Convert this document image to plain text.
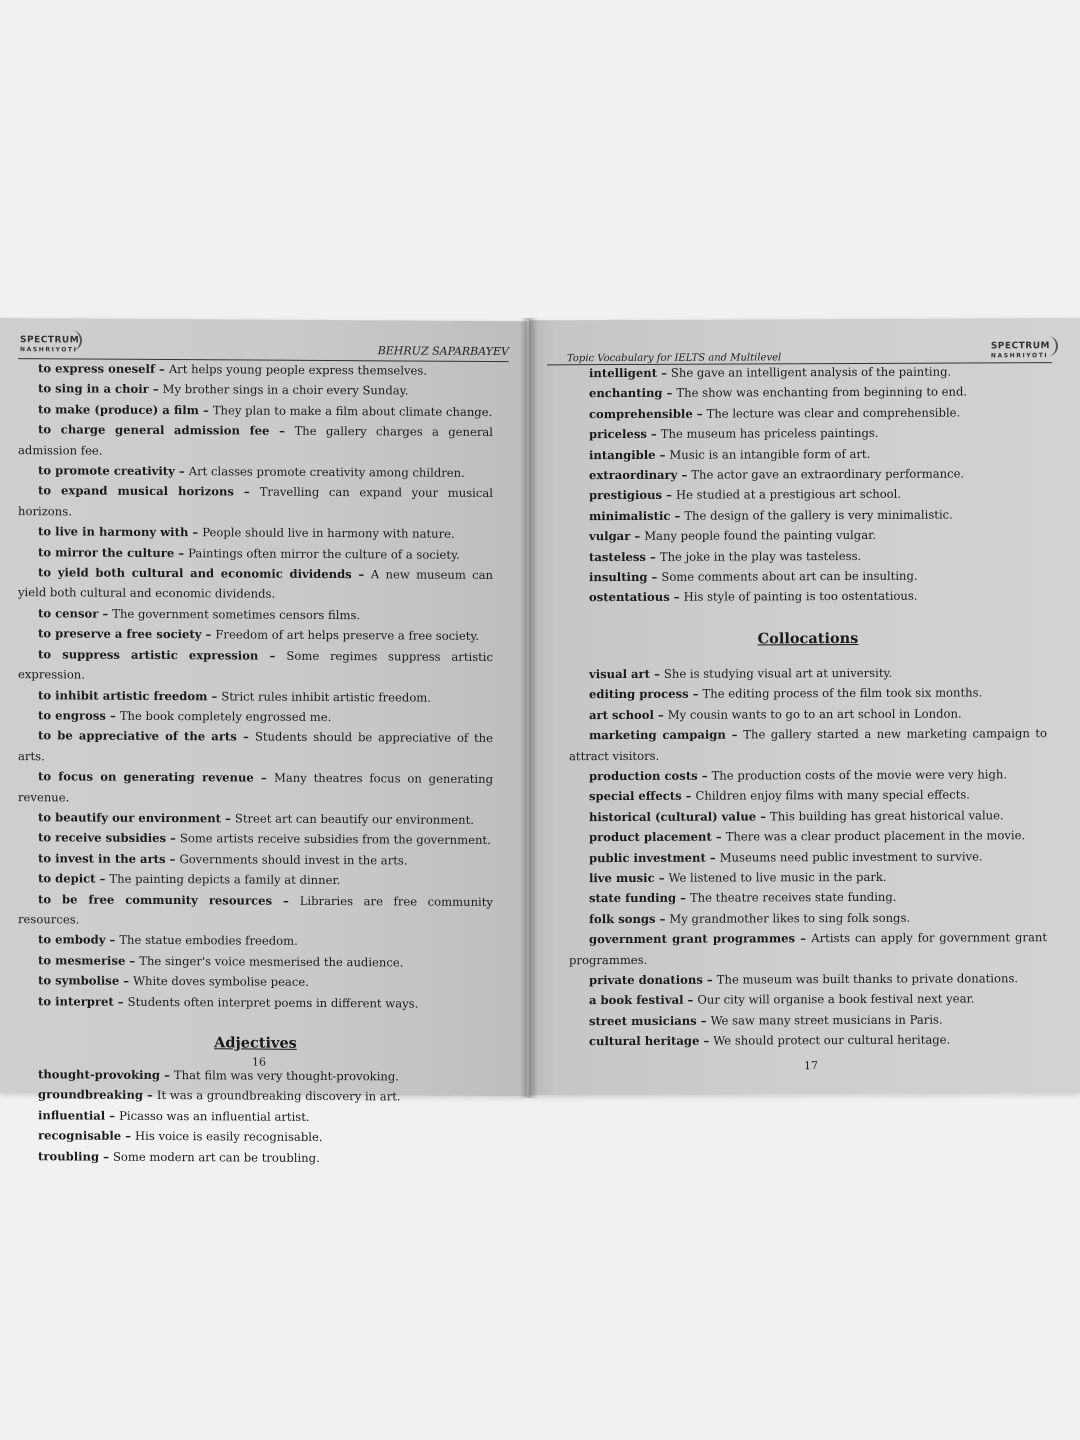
SPECTRUM
NASHRIYOTI	BEHRUZ SAPARBAYEV

to express oneself – Art helps young people express themselves.

to sing in a choir – My brother sings in a choir every Sunday.

to make (produce) a film – They plan to make a film about climate change.

to charge general admission fee – The gallery charges a general admission fee.

to promote creativity – Art classes promote creativity among children.

to expand musical horizons – Travelling can expand your musical horizons.

to live in harmony with – People should live in harmony with nature.

to mirror the culture – Paintings often mirror the culture of a society.

to yield both cultural and economic dividends – A new museum can yield both cultural and economic dividends.

to censor – The government sometimes censors films.

to preserve a free society – Freedom of art helps preserve a free society.

to suppress artistic expression – Some regimes suppress artistic expression.

to inhibit artistic freedom – Strict rules inhibit artistic freedom.

to engross – The book completely engrossed me.

to be appreciative of the arts – Students should be appreciative of the arts.

to focus on generating revenue – Many theatres focus on generating revenue.

to beautify our environment – Street art can beautify our environment.

to receive subsidies – Some artists receive subsidies from the government.

to invest in the arts – Governments should invest in the arts.

to depict – The painting depicts a family at dinner.

to be free community resources – Libraries are free community resources.

to embody – The statue embodies freedom.

to mesmerise – The singer's voice mesmerised the audience.

to symbolise – White doves symbolise peace.

to interpret – Students often interpret poems in different ways.

Adjectives

thought-provoking – That film was very thought-provoking.

groundbreaking – It was a groundbreaking discovery in art.

influential – Picasso was an influential artist.

recognisable – His voice is easily recognisable.

troubling – Some modern art can be troubling.

16
Topic Vocabulary for IELTS and Multilevel
SPECTRUM
NASHRIYOTI

intelligent – She gave an intelligent analysis of the painting.

enchanting – The show was enchanting from beginning to end.

comprehensible – The lecture was clear and comprehensible.

priceless – The museum has priceless paintings.

intangible – Music is an intangible form of art.

extraordinary – The actor gave an extraordinary performance.

prestigious – He studied at a prestigious art school.

minimalistic – The design of the gallery is very minimalistic.

vulgar – Many people found the painting vulgar.

tasteless – The joke in the play was tasteless.

insulting – Some comments about art can be insulting.

ostentatious – His style of painting is too ostentatious.

Collocations

visual art – She is studying visual art at university.

editing process – The editing process of the film took six months.

art school – My cousin wants to go to an art school in London.

marketing campaign – The gallery started a new marketing campaign to attract visitors.

production costs – The production costs of the movie were very high.

special effects – Children enjoy films with many special effects.

historical (cultural) value – This building has great historical value.

product placement – There was a clear product placement in the movie.

public investment – Museums need public investment to survive.

live music – We listened to live music in the park.

state funding – The theatre receives state funding.

folk songs – My grandmother likes to sing folk songs.

government grant programmes – Artists can apply for government grant programmes.

private donations – The museum was built thanks to private donations.

a book festival – Our city will organise a book festival next year.

street musicians – We saw many street musicians in Paris.

cultural heritage – We should protect our cultural heritage.

17
